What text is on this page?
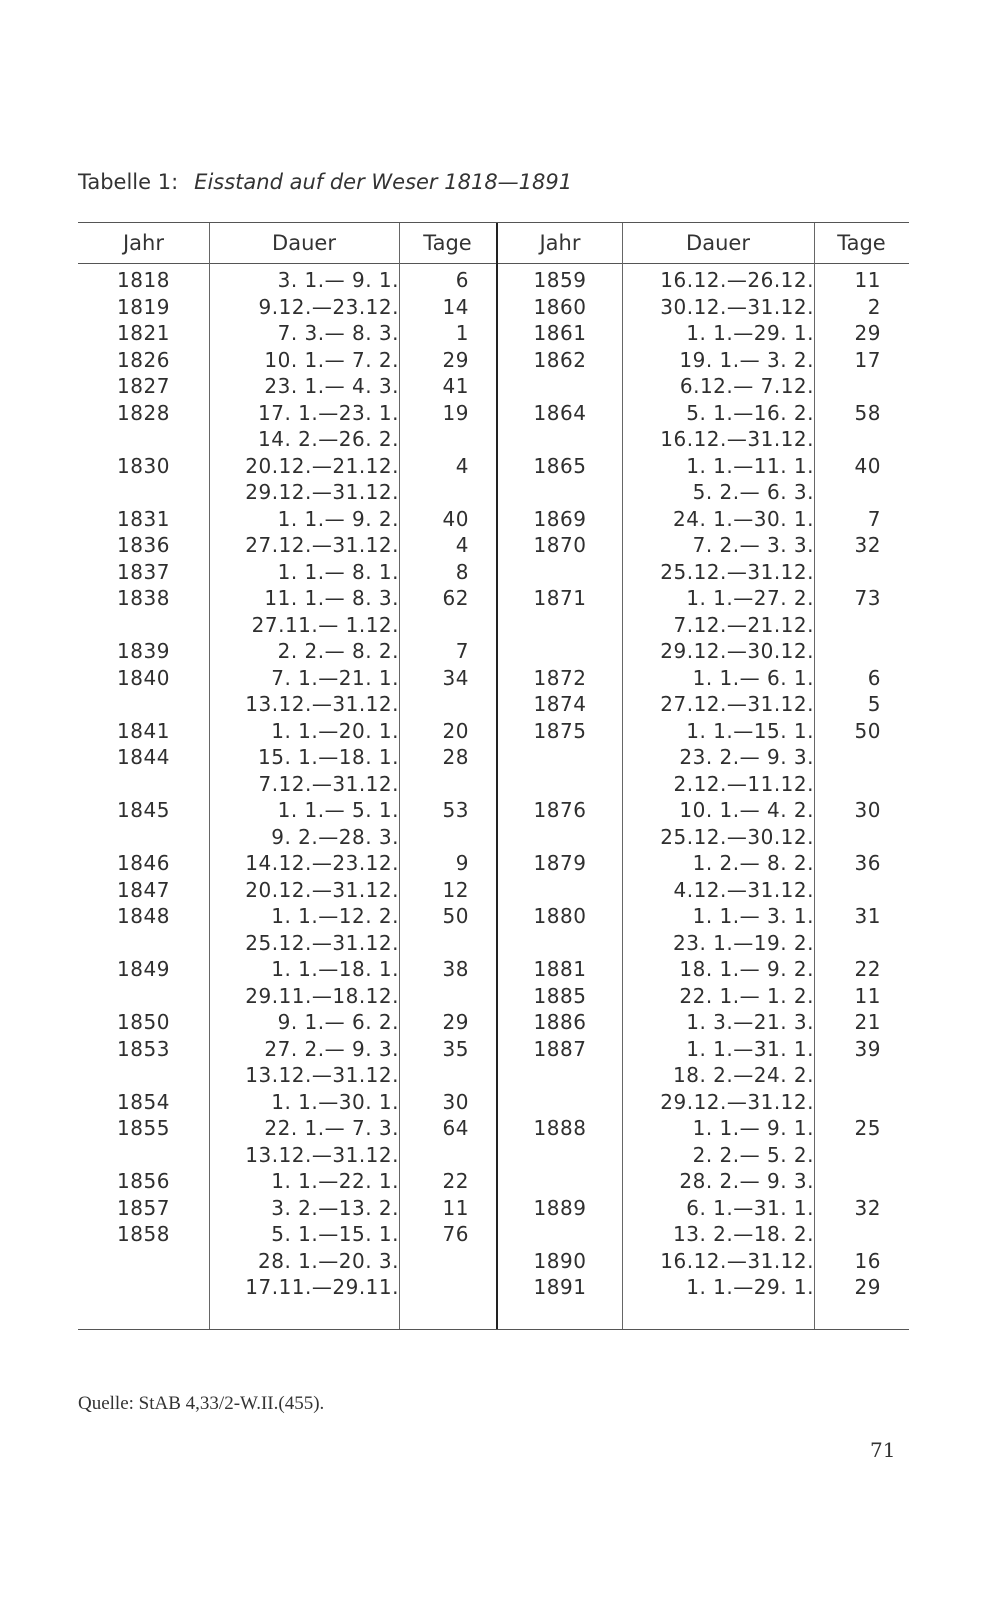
Tabelle 1: Eisstand auf der Weser 1818—1891
Jahr	Dauer	Tage
1818	3. 1.— 9. 1.	6
1819	9.12.—23.12.	14
1821	7. 3.— 8. 3.	1
1826	10. 1.— 7. 2.	29
1827	23. 1.— 4. 3.	41
1828	17. 1.—23. 1.	19
14. 2.—26. 2.
1830	20.12.—21.12.	4
29.12.—31.12.
1831	1. 1.— 9. 2.	40
1836	27.12.—31.12.	4
1837	1. 1.— 8. 1.	8
1838	11. 1.— 8. 3.	62
27.11.— 1.12.
1839	2. 2.— 8. 2.	7
1840	7. 1.—21. 1.	34
13.12.—31.12.
1841	1. 1.—20. 1.	20
1844	15. 1.—18. 1.	28
7.12.—31.12.
1845	1. 1.— 5. 1.	53
9. 2.—28. 3.
1846	14.12.—23.12.	9
1847	20.12.—31.12.	12
1848	1. 1.—12. 2.	50
25.12.—31.12.
1849	1. 1.—18. 1.	38
29.11.—18.12.
1850	9. 1.— 6. 2.	29
1853	27. 2.— 9. 3.	35
13.12.—31.12.
1854	1. 1.—30. 1.	30
1855	22. 1.— 7. 3.	64
13.12.—31.12.
1856	1. 1.—22. 1.	22
1857	3. 2.—13. 2.	11
1858	5. 1.—15. 1.	76
28. 1.—20. 3.
17.11.—29.11.
Jahr	Dauer	Tage
1859	16.12.—26.12.	11
1860	30.12.—31.12.	2
1861	1. 1.—29. 1.	29
1862	19. 1.— 3. 2.	17
6.12.— 7.12.
1864	5. 1.—16. 2.	58
16.12.—31.12.
1865	1. 1.—11. 1.	40
5. 2.— 6. 3.
1869	24. 1.—30. 1.	7
1870	7. 2.— 3. 3.	32
25.12.—31.12.
1871	1. 1.—27. 2.	73
7.12.—21.12.
29.12.—30.12.
1872	1. 1.— 6. 1.	6
1874	27.12.—31.12.	5
1875	1. 1.—15. 1.	50
23. 2.— 9. 3.
2.12.—11.12.
1876	10. 1.— 4. 2.	30
25.12.—30.12.
1879	1. 2.— 8. 2.	36
4.12.—31.12.
1880	1. 1.— 3. 1.	31
23. 1.—19. 2.
1881	18. 1.— 9. 2.	22
1885	22. 1.— 1. 2.	11
1886	1. 3.—21. 3.	21
1887	1. 1.—31. 1.	39
18. 2.—24. 2.
29.12.—31.12.
1888	1. 1.— 9. 1.	25
2. 2.— 5. 2.
28. 2.— 9. 3.
1889	6. 1.—31. 1.	32
13. 2.—18. 2.
1890	16.12.—31.12.	16
1891	1. 1.—29. 1.	29
Quelle: StAB 4,33/2-W.II.(455).
71
